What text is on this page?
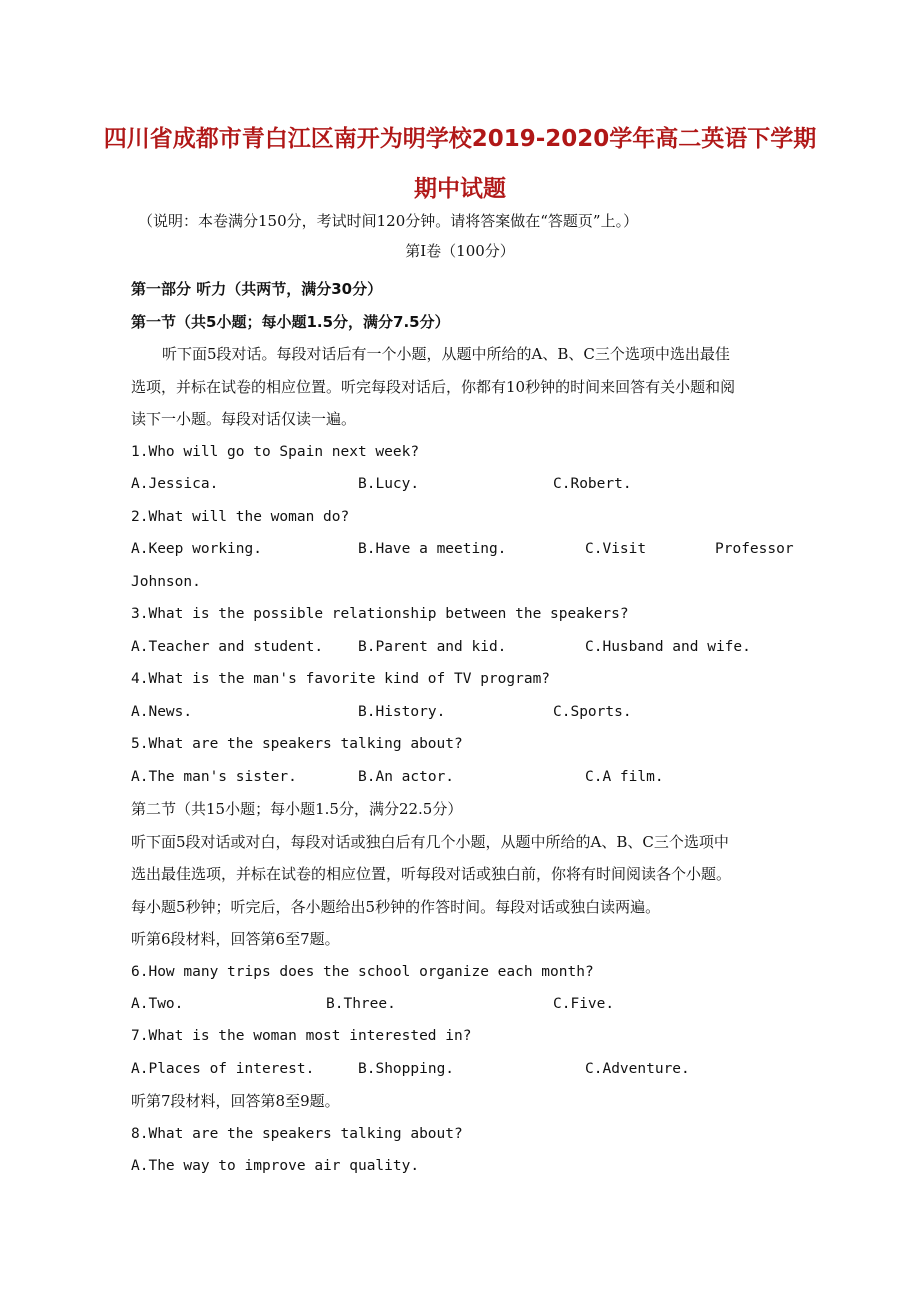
四川省成都市青白江区南开为明学校2019-2020学年高二英语下学期
期中试题
（说明：本卷满分150分，考试时间120分钟。请将答案做在“答题页”上。）
第Ⅰ卷（100分）
第一部分 听力（共两节，满分30分）
第一节（共5小题；每小题1.5分，满分7.5分）
听下面5段对话。每段对话后有一个小题，从题中所给的A、B、C三个选项中选出最佳
选项，并标在试卷的相应位置。听完每段对话后，你都有10秒钟的时间来回答有关小题和阅
读下一小题。每段对话仅读一遍。
1.Who will go to Spain next week?
A.Jessica.	B.Lucy.	C.Robert.
2.What will the woman do?
A.Keep working.	B.Have a meeting.	C.Visit	Professor
Johnson.
3.What is the possible relationship between the speakers?
A.Teacher and student. B.Parent and kid.	C.Husband and wife.
4.What is the man's favorite kind of TV program?
A.News.	B.History.	C.Sports.
5.What are the speakers talking about?
A.The man's sister.	B.An actor.	C.A film.
第二节（共15小题；每小题1.5分，满分22.5分）
听下面5段对话或对白，每段对话或独白后有几个小题，从题中所给的A、B、C三个选项中
选出最佳选项，并标在试卷的相应位置，听每段对话或独白前，你将有时间阅读各个小题。
每小题5秒钟；听完后，各小题给出5秒钟的作答时间。每段对话或独白读两遍。
听第6段材料，回答第6至7题。
6.How many trips does the school organize each month?
A.Two.	B.Three.	C.Five.
7.What is the woman most interested in?
A.Places of interest.	B.Shopping.	C.Adventure.
听第7段材料，回答第8至9题。
8.What are the speakers talking about?
A.The way to improve air quality.
